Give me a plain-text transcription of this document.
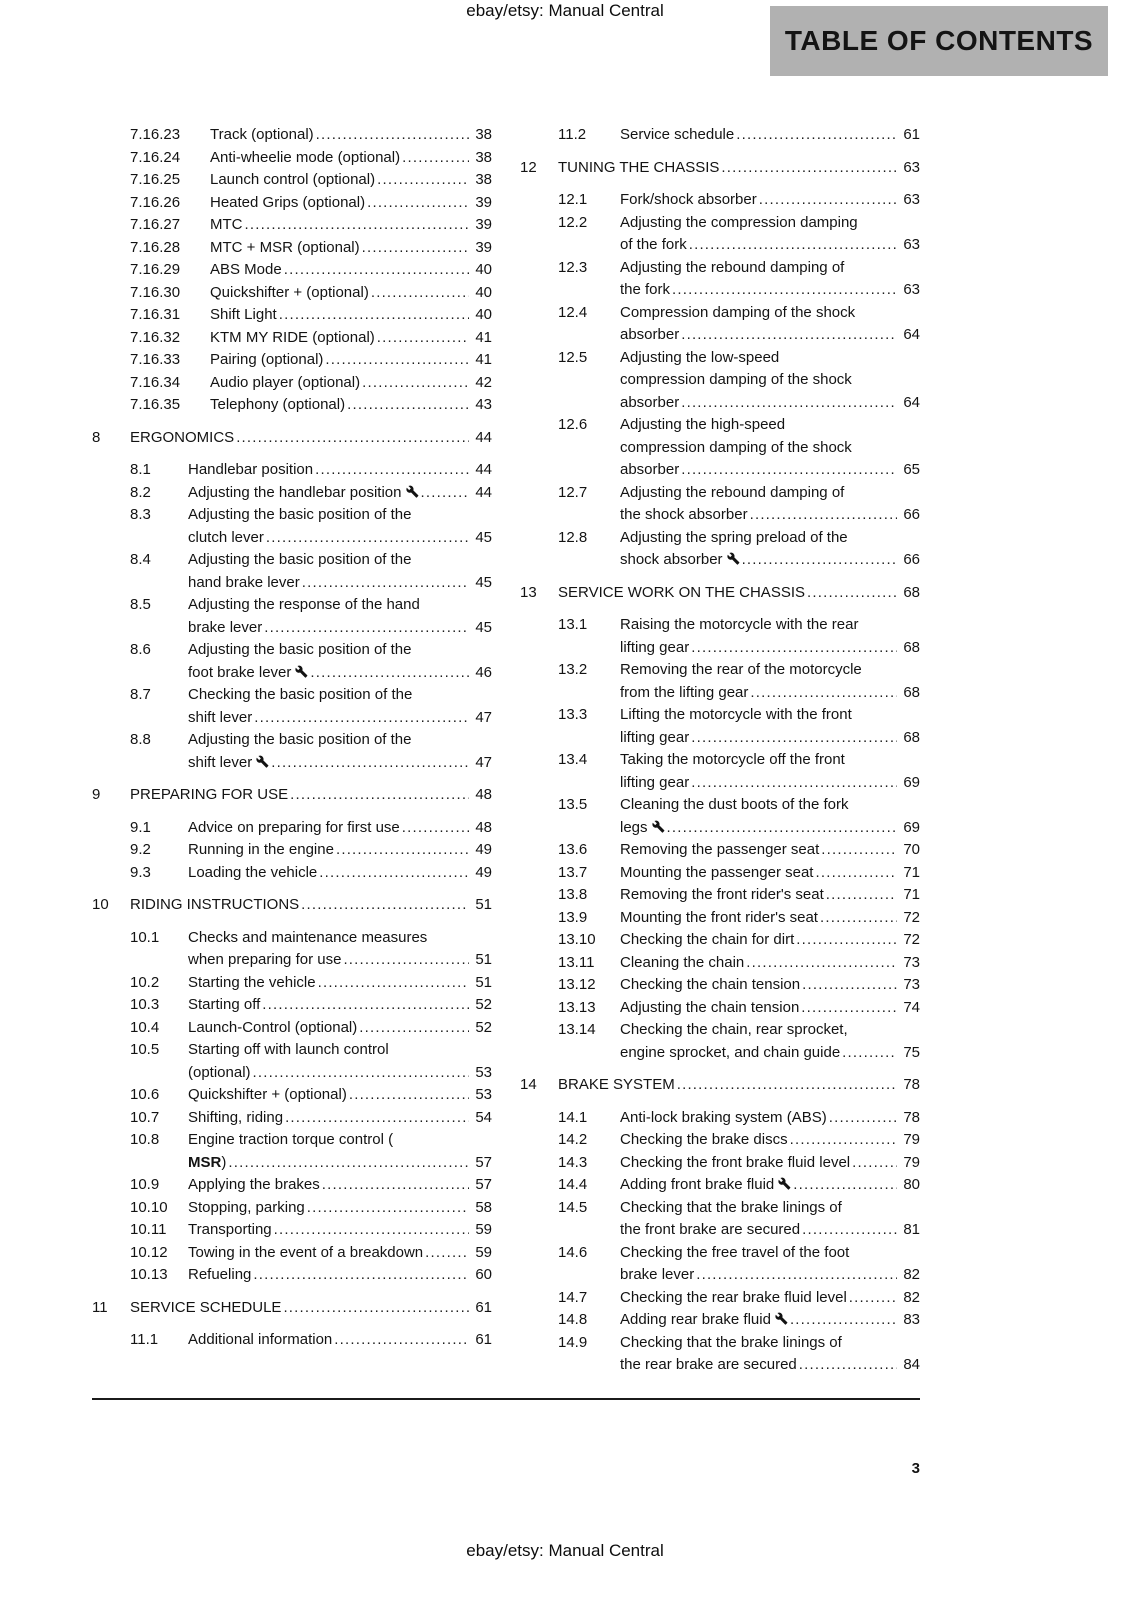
ebay/etsy: Manual Central
TABLE OF CONTENTS
7.16.23	Track (optional) .....	38
7.16.24	Anti-wheelie mode (optional) .....	38
7.16.25	Launch control (optional) .....	38
7.16.26	Heated Grips (optional) .....	39
7.16.27	MTC .....	39
7.16.28	MTC + MSR (optional) .....	39
7.16.29	ABS Mode .....	40
7.16.30	Quickshifter + (optional) .....	40
7.16.31	Shift Light .....	40
7.16.32	KTM MY RIDE (optional) .....	41
7.16.33	Pairing (optional) .....	41
7.16.34	Audio player (optional) .....	42
7.16.35	Telephony (optional) .....	43
8	ERGONOMICS .....	44
8.1	Handlebar position .....	44
8.2	Adjusting the handlebar position .....	44
8.3	Adjusting the basic position of the
clutch lever .....	45
8.4	Adjusting the basic position of the
hand brake lever .....	45
8.5	Adjusting the response of the hand
brake lever .....	45
8.6	Adjusting the basic position of the
foot brake lever .....	46
8.7	Checking the basic position of the
shift lever .....	47
8.8	Adjusting the basic position of the
shift lever .....	47
9	PREPARING FOR USE .....	48
9.1	Advice on preparing for first use .....	48
9.2	Running in the engine .....	49
9.3	Loading the vehicle .....	49
10	RIDING INSTRUCTIONS .....	51
10.1	Checks and maintenance measures
when preparing for use .....	51
10.2	Starting the vehicle .....	51
10.3	Starting off .....	52
10.4	Launch-Control (optional) .....	52
10.5	Starting off with launch control
(optional) .....	53
10.6	Quickshifter + (optional) .....	53
10.7	Shifting, riding .....	54
10.8	Engine traction torque control (
MSR) .....	57
10.9	Applying the brakes .....	57
10.10	Stopping, parking .....	58
10.11	Transporting .....	59
10.12	Towing in the event of a breakdown .....	59
10.13	Refueling .....	60
11	SERVICE SCHEDULE .....	61
11.1	Additional information .....	61
11.2	Service schedule .....	61
12	TUNING THE CHASSIS .....	63
12.1	Fork/shock absorber .....	63
12.2	Adjusting the compression damping
of the fork .....	63
12.3	Adjusting the rebound damping of
the fork .....	63
12.4	Compression damping of the shock
absorber .....	64
12.5	Adjusting the low-speed
compression damping of the shock
absorber .....	64
12.6	Adjusting the high-speed
compression damping of the shock
absorber .....	65
12.7	Adjusting the rebound damping of
the shock absorber .....	66
12.8	Adjusting the spring preload of the
shock absorber .....	66
13	SERVICE WORK ON THE CHASSIS .....	68
13.1	Raising the motorcycle with the rear
lifting gear .....	68
13.2	Removing the rear of the motorcycle
from the lifting gear .....	68
13.3	Lifting the motorcycle with the front
lifting gear .....	68
13.4	Taking the motorcycle off the front
lifting gear .....	69
13.5	Cleaning the dust boots of the fork
legs .....	69
13.6	Removing the passenger seat .....	70
13.7	Mounting the passenger seat .....	71
13.8	Removing the front rider's seat .....	71
13.9	Mounting the front rider's seat .....	72
13.10	Checking the chain for dirt .....	72
13.11	Cleaning the chain .....	73
13.12	Checking the chain tension .....	73
13.13	Adjusting the chain tension .....	74
13.14	Checking the chain, rear sprocket,
engine sprocket, and chain guide .....	75
14	BRAKE SYSTEM .....	78
14.1	Anti-lock braking system (ABS) .....	78
14.2	Checking the brake discs .....	79
14.3	Checking the front brake fluid level .....	79
14.4	Adding front brake fluid .....	80
14.5	Checking that the brake linings of
the front brake are secured .....	81
14.6	Checking the free travel of the foot
brake lever .....	82
14.7	Checking the rear brake fluid level .....	82
14.8	Adding rear brake fluid .....	83
14.9	Checking that the brake linings of
the rear brake are secured .....	84
3
ebay/etsy: Manual Central
